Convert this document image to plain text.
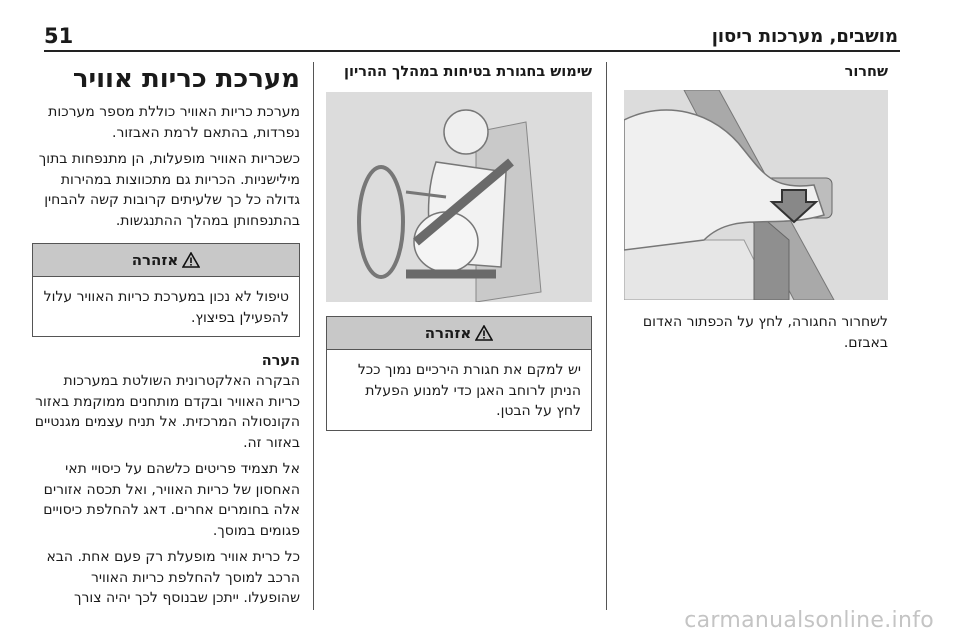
51	מושבים, מערכות ריסון
שחרור
לשחרור החגורה, לחץ על הכפתור האדום באבזם.
שימוש בחגורת בטיחות במהלך ההריון
אזהרה
יש למקם את חגורת הירכיים נמוך ככל הניתן לרוחב האגן כדי למנוע הפעלת לחץ על הבטן.
מערכת כריות אוויר
מערכת כריות האוויר כוללת מספר מערכות נפרדות, בהתאם לרמת האבזור.
כשכריות האוויר מופעלות, הן מתנפחות בתוך מילישניות. הכריות גם מתכווצות במהירות גדולה כל כך שלעיתים קרובות קשה להבחין בהתנפחותן במהלך ההתנגשות.
אזהרה
טיפול לא נכון במערכת כריות האוויר עלול להפעילן בפיצוץ.
הערה
הבקרה האלקטרונית השולטת במערכות כריות האוויר ובקדם מותחנים ממוקמת באזור הקונסולה המרכזית. אל תניח עצמים מגנטיים באזור זה.
אל תצמיד פריטים כלשהם על כיסויי תאי האחסון של כריות האוויר, ואל תכסה אזורים אלה בחומרים אחרים. דאג להחלפת כיסויים פגומים במוסך.
כל כרית אוויר מופעלת רק פעם אחת. הבא הרכב למוסך להחלפת כריות האוויר שהופעלו. ייתכן שבנוסף לכך יהיה צורך
carmanualsonline.info
